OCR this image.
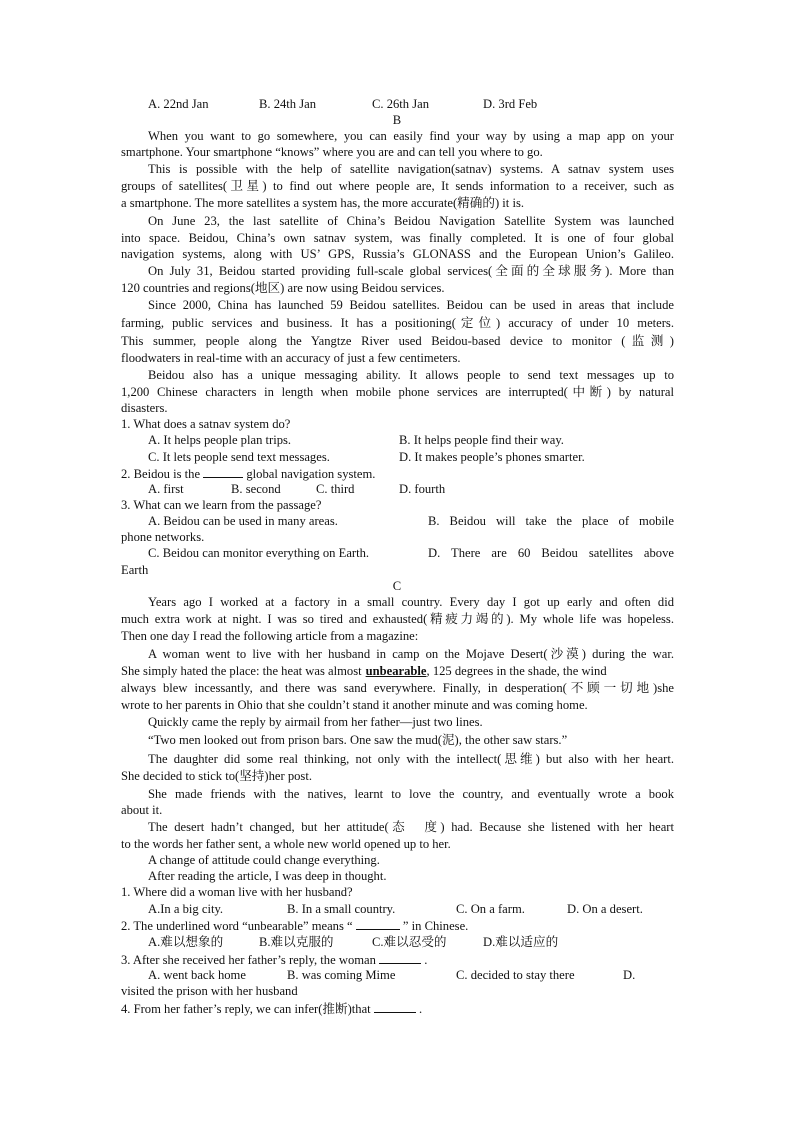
A. 22nd Jan	B. 24th Jan	C. 26th Jan	D. 3rd Feb
B
When you want to go somewhere, you can easily find your way by using a map app on your
smartphone. Your smartphone “knows” where you are and can tell you where to go.
This is possible with the help of satellite navigation(satnav) systems. A satnav system uses
groups of satellites(卫星) to find out where people are, It sends information to a receiver, such as
a smartphone. The more satellites a system has, the more accurate(精确的) it is.
On June 23, the last satellite of China’s Beidou Navigation Satellite System was launched
into space. Beidou, China’s own satnav system, was finally completed. It is one of four global
navigation systems, along with US’ GPS, Russia’s GLONASS and the European Union’s Galileo.
On July 31, Beidou started providing full-scale global services(全面的全球服务). More than
120 countries and regions(地区) are now using Beidou services.
Since 2000, China has launched 59 Beidou satellites. Beidou can be used in areas that include
farming, public services and business. It has a positioning(定位) accuracy of under 10 meters.
This summer, people along the Yangtze River used Beidou-based device to monitor (监测)
floodwaters in real-time with an accuracy of just a few centimeters.
Beidou also has a unique messaging ability. It allows people to send text messages up to
1,200 Chinese characters in length when mobile phone services are interrupted(中断) by natural
disasters.
1. What does a satnav system do?
A. It helps people plan trips.	B. It helps people find their way.
C. It lets people send text messages.	D. It makes people’s phones smarter.
2. Beidou is the	global navigation system.
A. first	B. second	C. third	D. fourth
3. What can we learn from the passage?
A. Beidou can be used in many areas.	B. Beidou will take the place of mobile
phone networks.
C. Beidou can monitor everything on Earth.	D. There are 60 Beidou satellites above
Earth
C
Years ago I worked at a factory in a small country. Every day I got up early and often did
much extra work at night. I was so tired and exhausted(精疲力竭的). My whole life was hopeless.
Then one day I read the following article from a magazine:
A woman went to live with her husband in camp on the Mojave Desert(沙漠) during the war.
She simply hated the place: the heat was almost unbearable, 125 degrees in the shade, the wind
always blew incessantly, and there was sand everywhere. Finally, in desperation(不顾一切地)she
wrote to her parents in Ohio that she couldn’t stand it another minute and was coming home.
Quickly came the reply by airmail from her father—just two lines.
“Two men looked out from prison bars. One saw the mud(泥), the other saw stars.”
The daughter did some real thinking, not only with the intellect(思维) but also with her heart.
She decided to stick to(坚持)her post.
She made friends with the natives, learnt to love the country, and eventually wrote a book
about it.
The desert hadn’t changed, but her attitude(态　度) had. Because she listened with her heart
to the words her father sent, a whole new world opened up to her.
A change of attitude could change everything.
After reading the article, I was deep in thought.
1. Where did a woman live with her husband?
A.In a big city.	B. In a small country.	C. On a farm.	D. On a desert.
2. The underlined word “unbearable” means “	” in Chinese.
A.难以想象的	B.难以克服的	C.难以忍受的	D.难以适应的
3. After she received her father’s reply, the woman	.
A. went back home	B. was coming Mime	C. decided to stay there	D.
visited the prison with her husband
4. From her father’s reply, we can infer(推断)that	.
